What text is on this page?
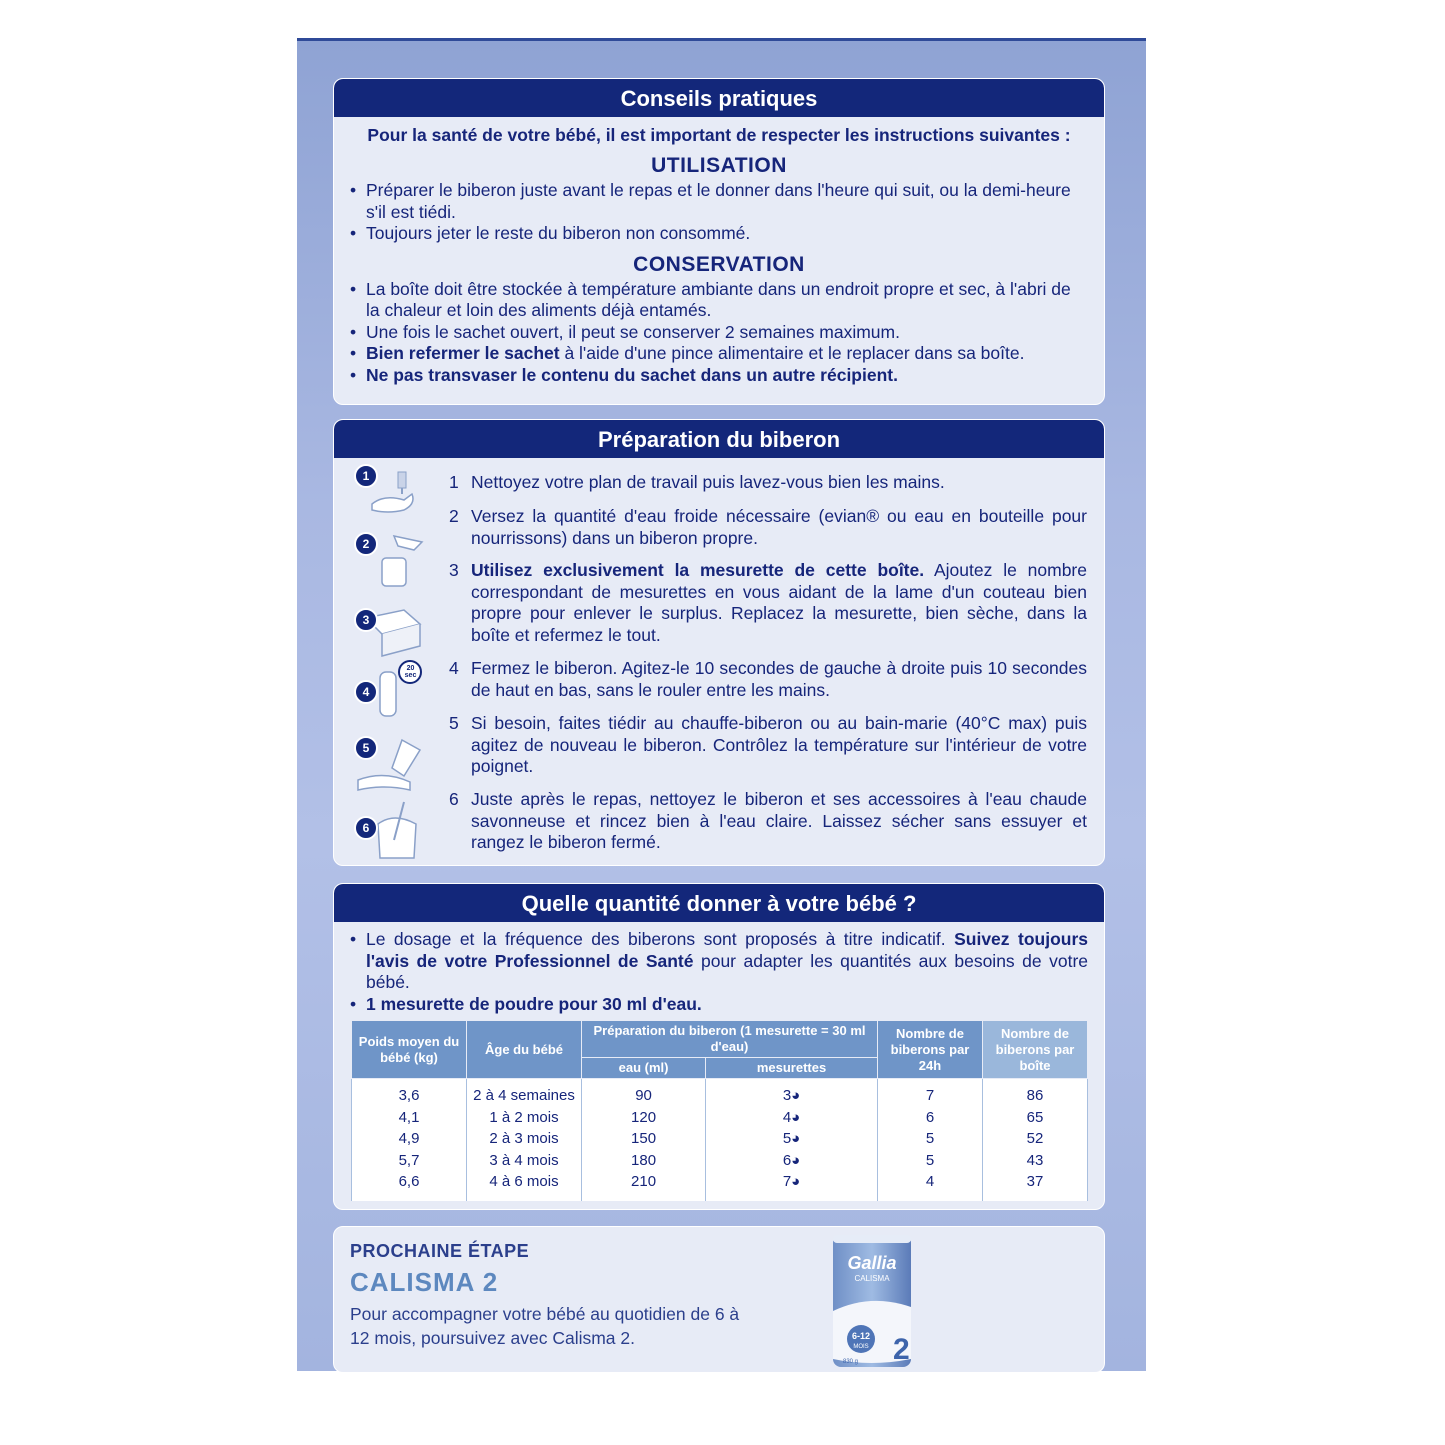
Conseils pratiques
Pour la santé de votre bébé, il est important de respecter les instructions suivantes :
UTILISATION
• Préparer le biberon juste avant le repas et le donner dans l'heure qui suit, ou la demi-heure s'il est tiédi.
• Toujours jeter le reste du biberon non consommé.
CONSERVATION
• La boîte doit être stockée à température ambiante dans un endroit propre et sec, à l'abri de la chaleur et loin des aliments déjà entamés.
• Une fois le sachet ouvert, il peut se conserver 2 semaines maximum.
• Bien refermer le sachet à l'aide d'une pince alimentaire et le replacer dans sa boîte.
• Ne pas transvaser le contenu du sachet dans un autre récipient.
Préparation du biberon
1
2
3
4
20 sec
5
6
1 Nettoyez votre plan de travail puis lavez-vous bien les mains.
2 Versez la quantité d'eau froide nécessaire (evian® ou eau en bouteille pour nourrissons) dans un biberon propre.
3 Utilisez exclusivement la mesurette de cette boîte. Ajoutez le nombre correspondant de mesurettes en vous aidant de la lame d'un couteau bien propre pour enlever le surplus. Replacez la mesurette, bien sèche, dans la boîte et refermez le tout.
4 Fermez le biberon. Agitez-le 10 secondes de gauche à droite puis 10 secondes de haut en bas, sans le rouler entre les mains.
5 Si besoin, faites tiédir au chauffe-biberon ou au bain-marie (40°C max) puis agitez de nouveau le biberon. Contrôlez la température sur l'intérieur de votre poignet.
6 Juste après le repas, nettoyez le biberon et ses accessoires à l'eau chaude savonneuse et rincez bien à l'eau claire. Laissez sécher sans essuyer et rangez le biberon fermé.
Quelle quantité donner à votre bébé ?
• Le dosage et la fréquence des biberons sont proposés à titre indicatif. Suivez toujours l'avis de votre Professionnel de Santé pour adapter les quantités aux besoins de votre bébé.
• 1 mesurette de poudre pour 30 ml d'eau.
Poids moyen du bébé (kg)	Âge du bébé	Préparation du biberon (1 mesurette = 30 ml d'eau)		Nombre de biberons par 24h	Nombre de biberons par boîte
		eau (ml)	mesurettes		
3,6	2 à 4 semaines	90	3◕	7	86
4,1	1 à 2 mois	120	4◕	6	65
4,9	2 à 3 mois	150	5◕	5	52
5,7	3 à 4 mois	180	6◕	5	43
6,6	4 à 6 mois	210	7◕	4	37
PROCHAINE ÉTAPE
CALISMA 2
Pour accompagner votre bébé au quotidien de 6 à 12 mois, poursuivez avec Calisma 2.	2
Gallia
CALISMA
6-12
MOIS
830 g
